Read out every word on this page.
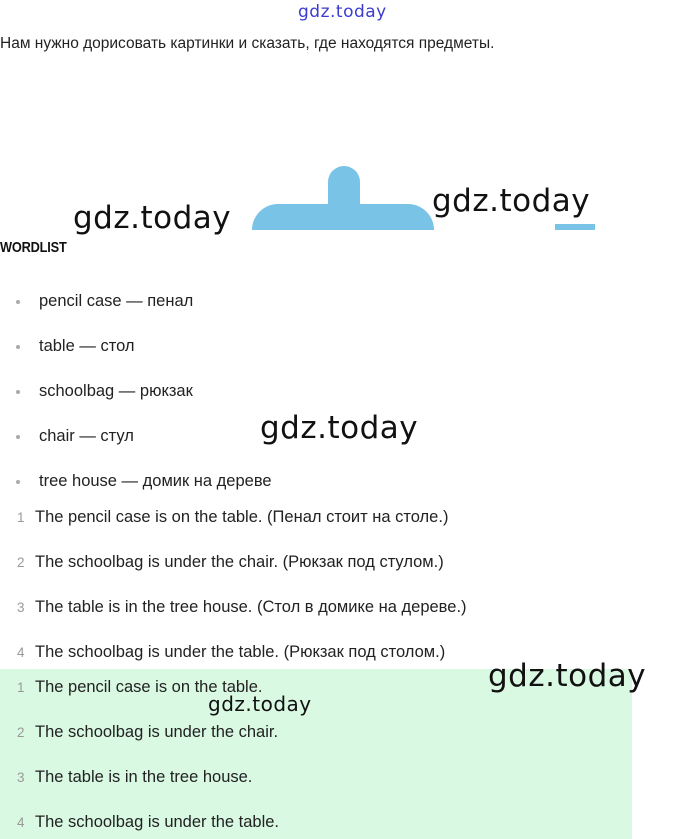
gdz.today
Нам нужно дорисовать картинки и сказать, где находятся предметы.
gdz.today	gdz.today
WORDLIST
pencil case — пенал
table — стол
schoolbag — рюкзак
chair — стул
tree house — домик на дереве
gdz.today
1 The pencil case is on the table. (Пенал стоит на столе.)
2 The schoolbag is under the chair. (Рюкзак под стулом.)
3 The table is in the tree house. (Стол в домике на дереве.)
4 The schoolbag is under the table. (Рюкзак под столом.)
1 The pencil case is on the table.
2 The schoolbag is under the chair.
3 The table is in the tree house.
4 The schoolbag is under the table.
gdz.today
gdz.today
